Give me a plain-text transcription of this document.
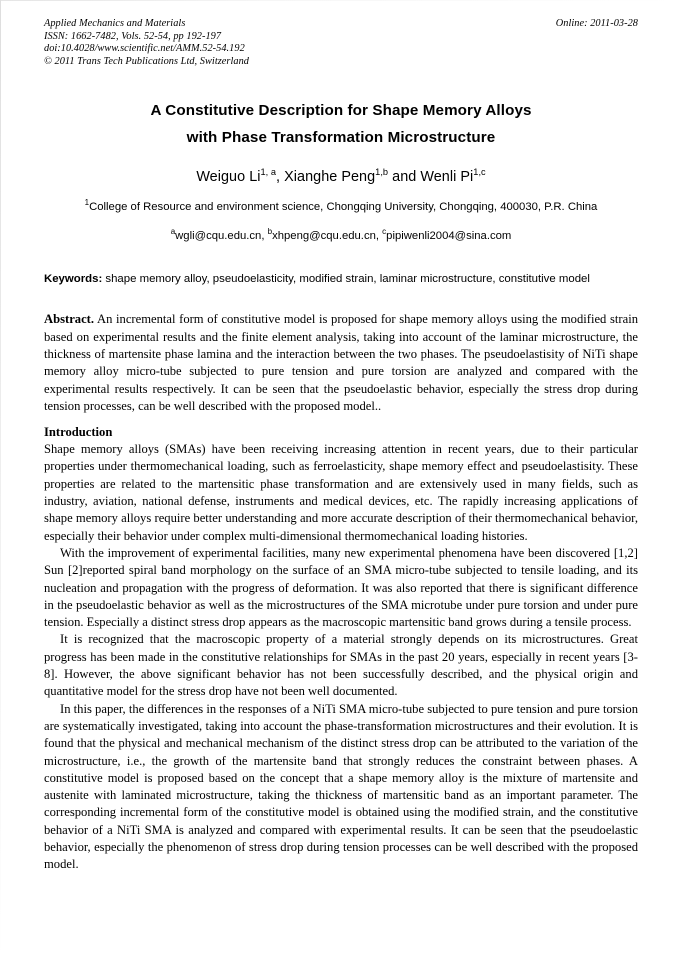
Online: 2011-03-28
Applied Mechanics and Materials
ISSN: 1662-7482, Vols. 52-54, pp 192-197
doi:10.4028/www.scientific.net/AMM.52-54.192
© 2011 Trans Tech Publications Ltd, Switzerland
A Constitutive Description for Shape Memory Alloys
with Phase Transformation Microstructure
Weiguo Li$^{1, a}$, Xianghe Peng$^{1,b}$ and Wenli Pi$^{1,c}$
$^1$College of Resource and environment science, Chongqing University, Chongqing, 400030, P.R. China
$^a$wgli@cqu.edu.cn, $^b$xhpeng@cqu.edu.cn, $^c$pipiwenli2004@sina.com
Keywords: shape memory alloy, pseudoelasticity, modified strain, laminar microstructure, constitutive model
Abstract. An incremental form of constitutive model is proposed for shape memory alloys using the modified strain based on experimental results and the finite element analysis, taking into account of the laminar microstructure, the thickness of martensite phase lamina and the interaction between the two phases. The pseudoelastisity of NiTi shape memory alloy micro-tube subjected to pure tension and pure torsion are analyzed and compared with the experimental results respectively. It can be seen that the pseudoelastic behavior, especially the stress drop during tension processes, can be well described with the proposed model..
Introduction

Shape memory alloys (SMAs) have been receiving increasing attention in recent years, due to their particular properties under thermomechanical loading, such as ferroelasticity, shape memory effect and pseudoelastisity. These properties are related to the martensitic phase transformation and are extensively used in many fields, such as industry, aviation, national defense, instruments and medical devices, etc. The rapidly increasing applications of shape memory alloys require better understanding and more accurate description of their thermomechanical behavior, especially their behavior under complex multi-dimensional thermomechanical loading histories.

With the improvement of experimental facilities, many new experimental phenomena have been discovered [1,2] Sun [2]reported spiral band morphology on the surface of an SMA micro-tube subjected to tensile loading, and its nucleation and propagation with the progress of deformation. It was also reported that there is significant difference in the pseudoelastic behavior as well as the microstructures of the SMA microtube under pure torsion and under pure tension. Especially a distinct stress drop appears as the macroscopic martensitic band grows during a tensile process.

It is recognized that the macroscopic property of a material strongly depends on its microstructures. Great progress has been made in the constitutive relationships for SMAs in the past 20 years, especially in recent years [3-8]. However, the above significant behavior has not been successfully described, and the physical origin and quantitative model for the stress drop have not been well documented.

In this paper, the differences in the responses of a NiTi SMA micro-tube subjected to pure tension and pure torsion are systematically investigated, taking into account the phase-transformation microstructures and their evolution. It is found that the physical and mechanical mechanism of the distinct stress drop can be attributed to the variation of the microstructure, i.e., the growth of the martensite band that strongly reduces the constraint between phases. A constitutive model is proposed based on the concept that a shape memory alloy is the mixture of martensite and austenite with laminated microstructure, taking the thickness of martensitic band as an important parameter. The corresponding incremental form of the constitutive model is obtained using the modified strain, and the constitutive behavior of a NiTi SMA is analyzed and compared with experimental results. It can be seen that the pseudoelastic behavior, especially the phenomenon of stress drop during tension processes can be well described with the proposed model.
